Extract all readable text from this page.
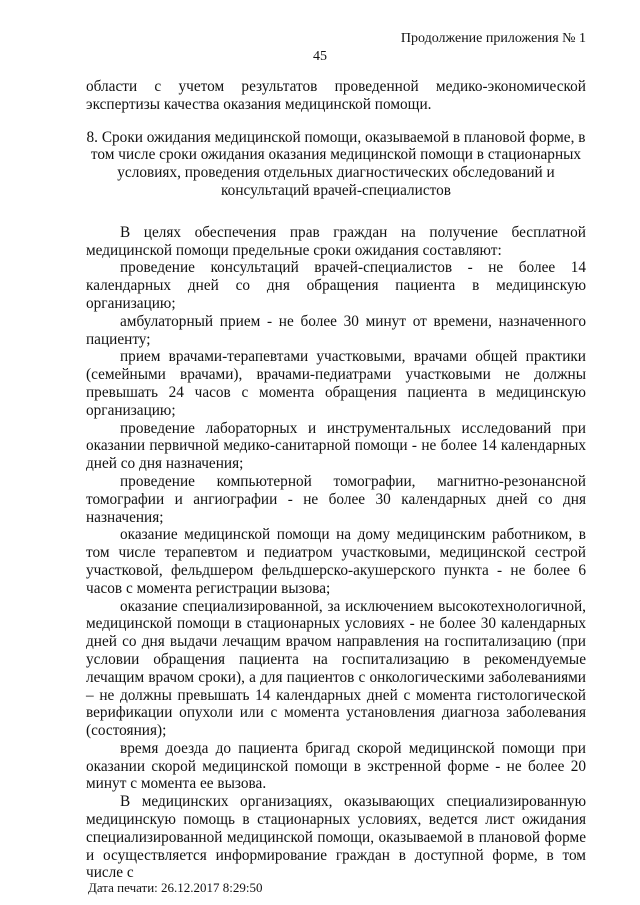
Продолжение приложения № 1
45

области с учетом результатов проведенной медико-экономической экспертизы качества оказания медицинской помощи.

8. Сроки ожидания медицинской помощи, оказываемой в плановой форме, в том числе сроки ожидания оказания медицинской помощи в стационарных условиях, проведения отдельных диагностических обследований и консультаций врачей-специалистов

В целях обеспечения прав граждан на получение бесплатной медицинской помощи предельные сроки ожидания составляют:

проведение консультаций врачей-специалистов - не более 14 календарных дней со дня обращения пациента в медицинскую организацию;

амбулаторный прием - не более 30 минут от времени, назначенного пациенту;

прием врачами-терапевтами участковыми, врачами общей практики (семейными врачами), врачами-педиатрами участковыми не должны превышать 24 часов с момента обращения пациента в медицинскую организацию;

проведение лабораторных и инструментальных исследований при оказании первичной медико-санитарной помощи - не более 14 календарных дней со дня назначения;

проведение компьютерной томографии, магнитно-резонансной томографии и ангиографии - не более 30 календарных дней со дня назначения;

оказание медицинской помощи на дому медицинским работником, в том числе терапевтом и педиатром участковыми, медицинской сестрой участковой, фельдшером фельдшерско-акушерского пункта - не более 6 часов с момента регистрации вызова;

оказание специализированной, за исключением высокотехнологичной, медицинской помощи в стационарных условиях - не более 30 календарных дней со дня выдачи лечащим врачом направления на госпитализацию (при условии обращения пациента на госпитализацию в рекомендуемые лечащим врачом сроки), а для пациентов с онкологическими заболеваниями – не должны превышать 14 календарных дней с момента гистологической верификации опухоли или с момента установления диагноза заболевания (состояния);

время доезда до пациента бригад скорой медицинской помощи при оказании скорой медицинской помощи в экстренной форме - не более 20 минут с момента ее вызова.

В медицинских организациях, оказывающих специализированную медицинскую помощь в стационарных условиях, ведется лист ожидания специализированной медицинской помощи, оказываемой в плановой форме и осуществляется информирование граждан в доступной форме, в том числе с

Дата печати: 26.12.2017 8:29:50
